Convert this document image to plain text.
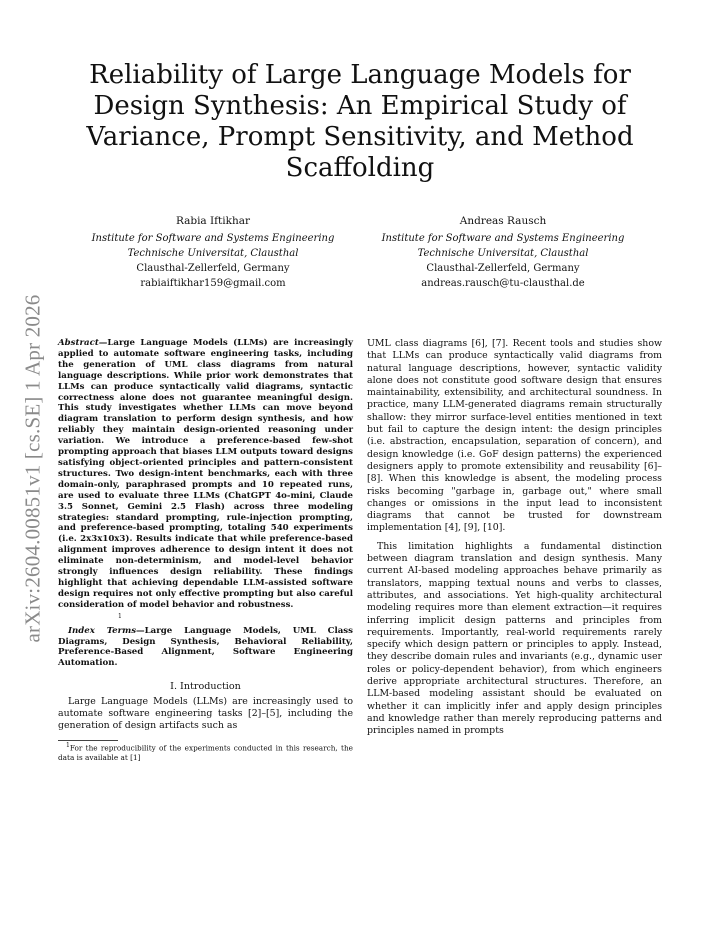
arXiv:2604.00851v1 [cs.SE] 1 Apr 2026
Reliability of Large Language Models for Design Synthesis: An Empirical Study of Variance, Prompt Sensitivity, and Method Scaffolding
Rabia Iftikhar
Institute for Software and Systems Engineering
Technische Universitat, Clausthal
Clausthal-Zellerfeld, Germany
rabiaiftikhar159@gmail.com
Andreas Rausch
Institute for Software and Systems Engineering
Technische Universitat, Clausthal
Clausthal-Zellerfeld, Germany
andreas.rausch@tu-clausthal.de

Abstract—Large Language Models (LLMs) are increasingly applied to automate software engineering tasks, including the generation of UML class diagrams from natural language descriptions. While prior work demonstrates that LLMs can produce syntactically valid diagrams, syntactic correctness alone does not guarantee meaningful design. This study investigates whether LLMs can move beyond diagram translation to perform design synthesis, and how reliably they maintain design-oriented reasoning under variation. We introduce a preference-based few-shot prompting approach that biases LLM outputs toward designs satisfying object-oriented principles and pattern-consistent structures. Two design-intent benchmarks, each with three domain-only, paraphrased prompts and 10 repeated runs, are used to evaluate three LLMs (ChatGPT 4o-mini, Claude 3.5 Sonnet, Gemini 2.5 Flash) across three modeling strategies: standard prompting, rule-injection prompting, and preference-based prompting, totaling 540 experiments (i.e. 2x3x10x3). Results indicate that while preference-based alignment improves adherence to design intent it does not eliminate non-determinism, and model-level behavior strongly influences design reliability. These findings highlight that achieving dependable LLM-assisted software design requires not only effective prompting but also careful consideration of model behavior and robustness.

$^1$

Index Terms—Large Language Models, UML Class Diagrams, Design Synthesis, Behavioral Reliability, Preference-Based Alignment, Software Engineering Automation.

I. Introduction

Large Language Models (LLMs) are increasingly used to automate software engineering tasks [2]–[5], including the generation of design artifacts such as

$^1$For the reproducibility of the experiments conducted in this research, the data is available at [1]

UML class diagrams [6], [7]. Recent tools and studies show that LLMs can produce syntactically valid diagrams from natural language descriptions, however, syntactic validity alone does not constitute good software design that ensures maintainability, extensibility, and architectural soundness. In practice, many LLM-generated diagrams remain structurally shallow: they mirror surface-level entities mentioned in text but fail to capture the design intent: the design principles (i.e. abstraction, encapsulation, separation of concern), and design knowledge (i.e. GoF design patterns) the experienced designers apply to promote extensibility and reusability [6]–[8]. When this knowledge is absent, the modeling process risks becoming "garbage in, garbage out," where small changes or omissions in the input lead to inconsistent diagrams that cannot be trusted for downstream implementation [4], [9], [10].

This limitation highlights a fundamental distinction between diagram translation and design synthesis. Many current AI-based modeling approaches behave primarily as translators, mapping textual nouns and verbs to classes, attributes, and associations. Yet high-quality architectural modeling requires more than element extraction—it requires inferring implicit design patterns and principles from requirements. Importantly, real-world requirements rarely specify which design pattern or principles to apply. Instead, they describe domain rules and invariants (e.g., dynamic user roles or policy-dependent behavior), from which engineers derive appropriate architectural structures. Therefore, an LLM-based modeling assistant should be evaluated on whether it can implicitly infer and apply design principles and knowledge rather than merely reproducing patterns and principles named in prompts
